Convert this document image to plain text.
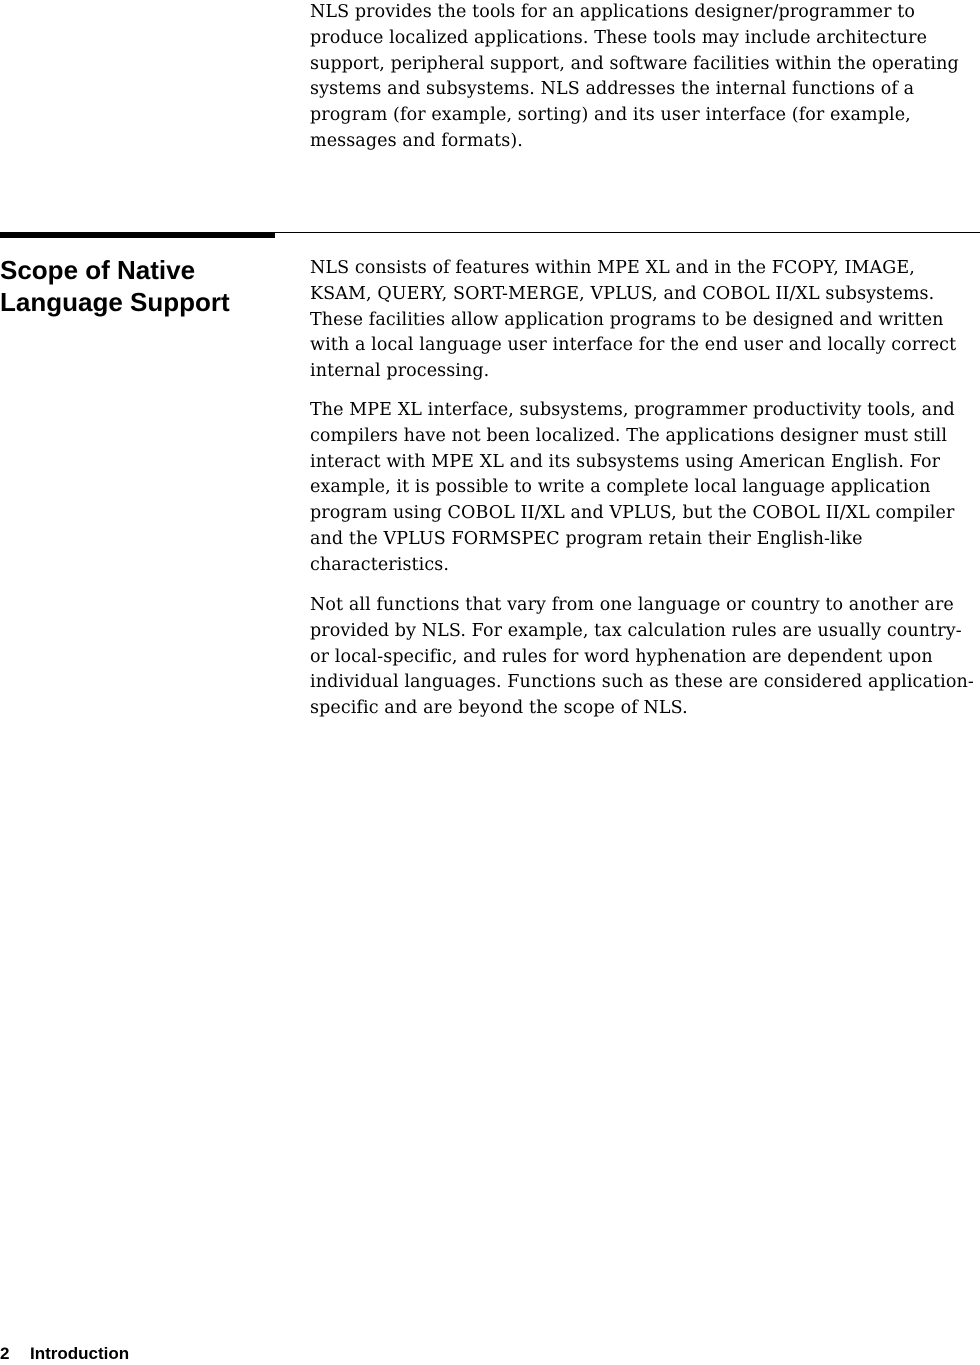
NLS provides the tools for an applications designer/programmer to produce localized applications. These tools may include architecture support, peripheral support, and software facilities within the operating systems and subsystems. NLS addresses the internal functions of a program (for example, sorting) and its user interface (for example, messages and formats).

Scope of Native
Language Support

NLS consists of features within MPE XL and in the FCOPY, IMAGE, KSAM, QUERY, SORT-MERGE, VPLUS, and COBOL II/XL subsystems. These facilities allow application programs to be designed and written with a local language user interface for the end user and locally correct internal processing.

The MPE XL interface, subsystems, programmer productivity tools, and compilers have not been localized. The applications designer must still interact with MPE XL and its subsystems using American English. For example, it is possible to write a complete local language application program using COBOL II/XL and VPLUS, but the COBOL II/XL compiler and the VPLUS FORMSPEC program retain their English-like characteristics.

Not all functions that vary from one language or country to another are provided by NLS. For example, tax calculation rules are usually country- or local-specific, and rules for word hyphenation are dependent upon individual languages. Functions such as these are considered application-specific and are beyond the scope of NLS.

2 Introduction
